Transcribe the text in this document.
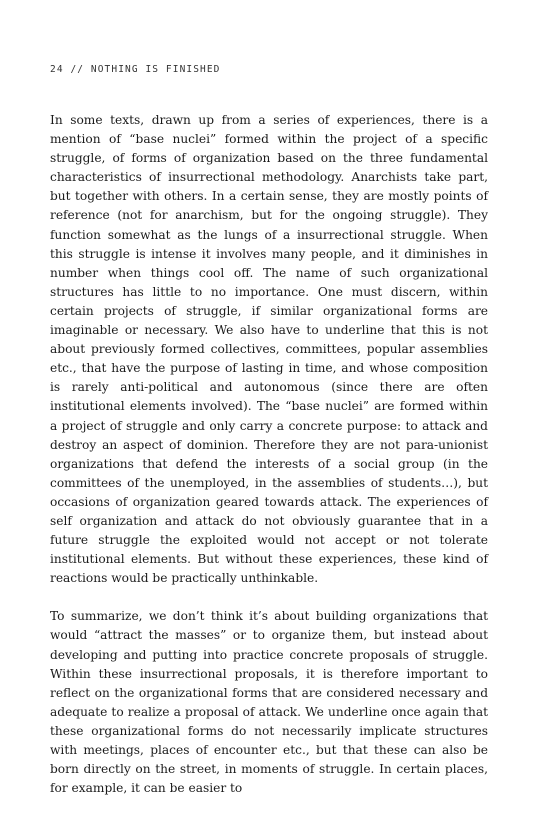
24 // NOTHING IS FINISHED

In some texts, drawn up from a series of experiences, there is a mention of “base nuclei” formed within the project of a specific struggle, of forms of organization based on the three fundamental characteristics of insurrectional methodology. Anarchists take part, but together with others. In a certain sense, they are mostly points of reference (not for anarchism, but for the ongoing struggle). They function somewhat as the lungs of a insurrectional struggle. When this struggle is intense it involves many people, and it diminishes in number when things cool off. The name of such organizational structures has little to no importance. One must discern, within certain projects of struggle, if similar organizational forms are imaginable or necessary. We also have to underline that this is not about previously formed collectives, committees, popular assemblies etc., that have the purpose of lasting in time, and whose composition is rarely anti-political and autonomous (since there are often institutional elements involved). The “base nuclei” are formed within a project of struggle and only carry a concrete purpose: to attack and destroy an aspect of dominion. Therefore they are not para-unionist organizations that defend the interests of a social group (in the committees of the unemployed, in the assemblies of students…), but occasions of organization geared towards attack. The experiences of self organization and attack do not obviously guarantee that in a future struggle the exploited would not accept or not tolerate institutional elements. But without these experiences, these kind of reactions would be practically unthinkable.

To summarize, we don’t think it’s about building organizations that would “attract the masses” or to organize them, but instead about developing and putting into practice concrete proposals of struggle. Within these insurrectional proposals, it is therefore important to reflect on the organizational forms that are considered necessary and adequate to realize a proposal of attack. We underline once again that these organizational forms do not necessarily implicate structures with meetings, places of encounter etc., but that these can also be born directly on the street, in moments of struggle. In certain places, for example, it can be easier to
